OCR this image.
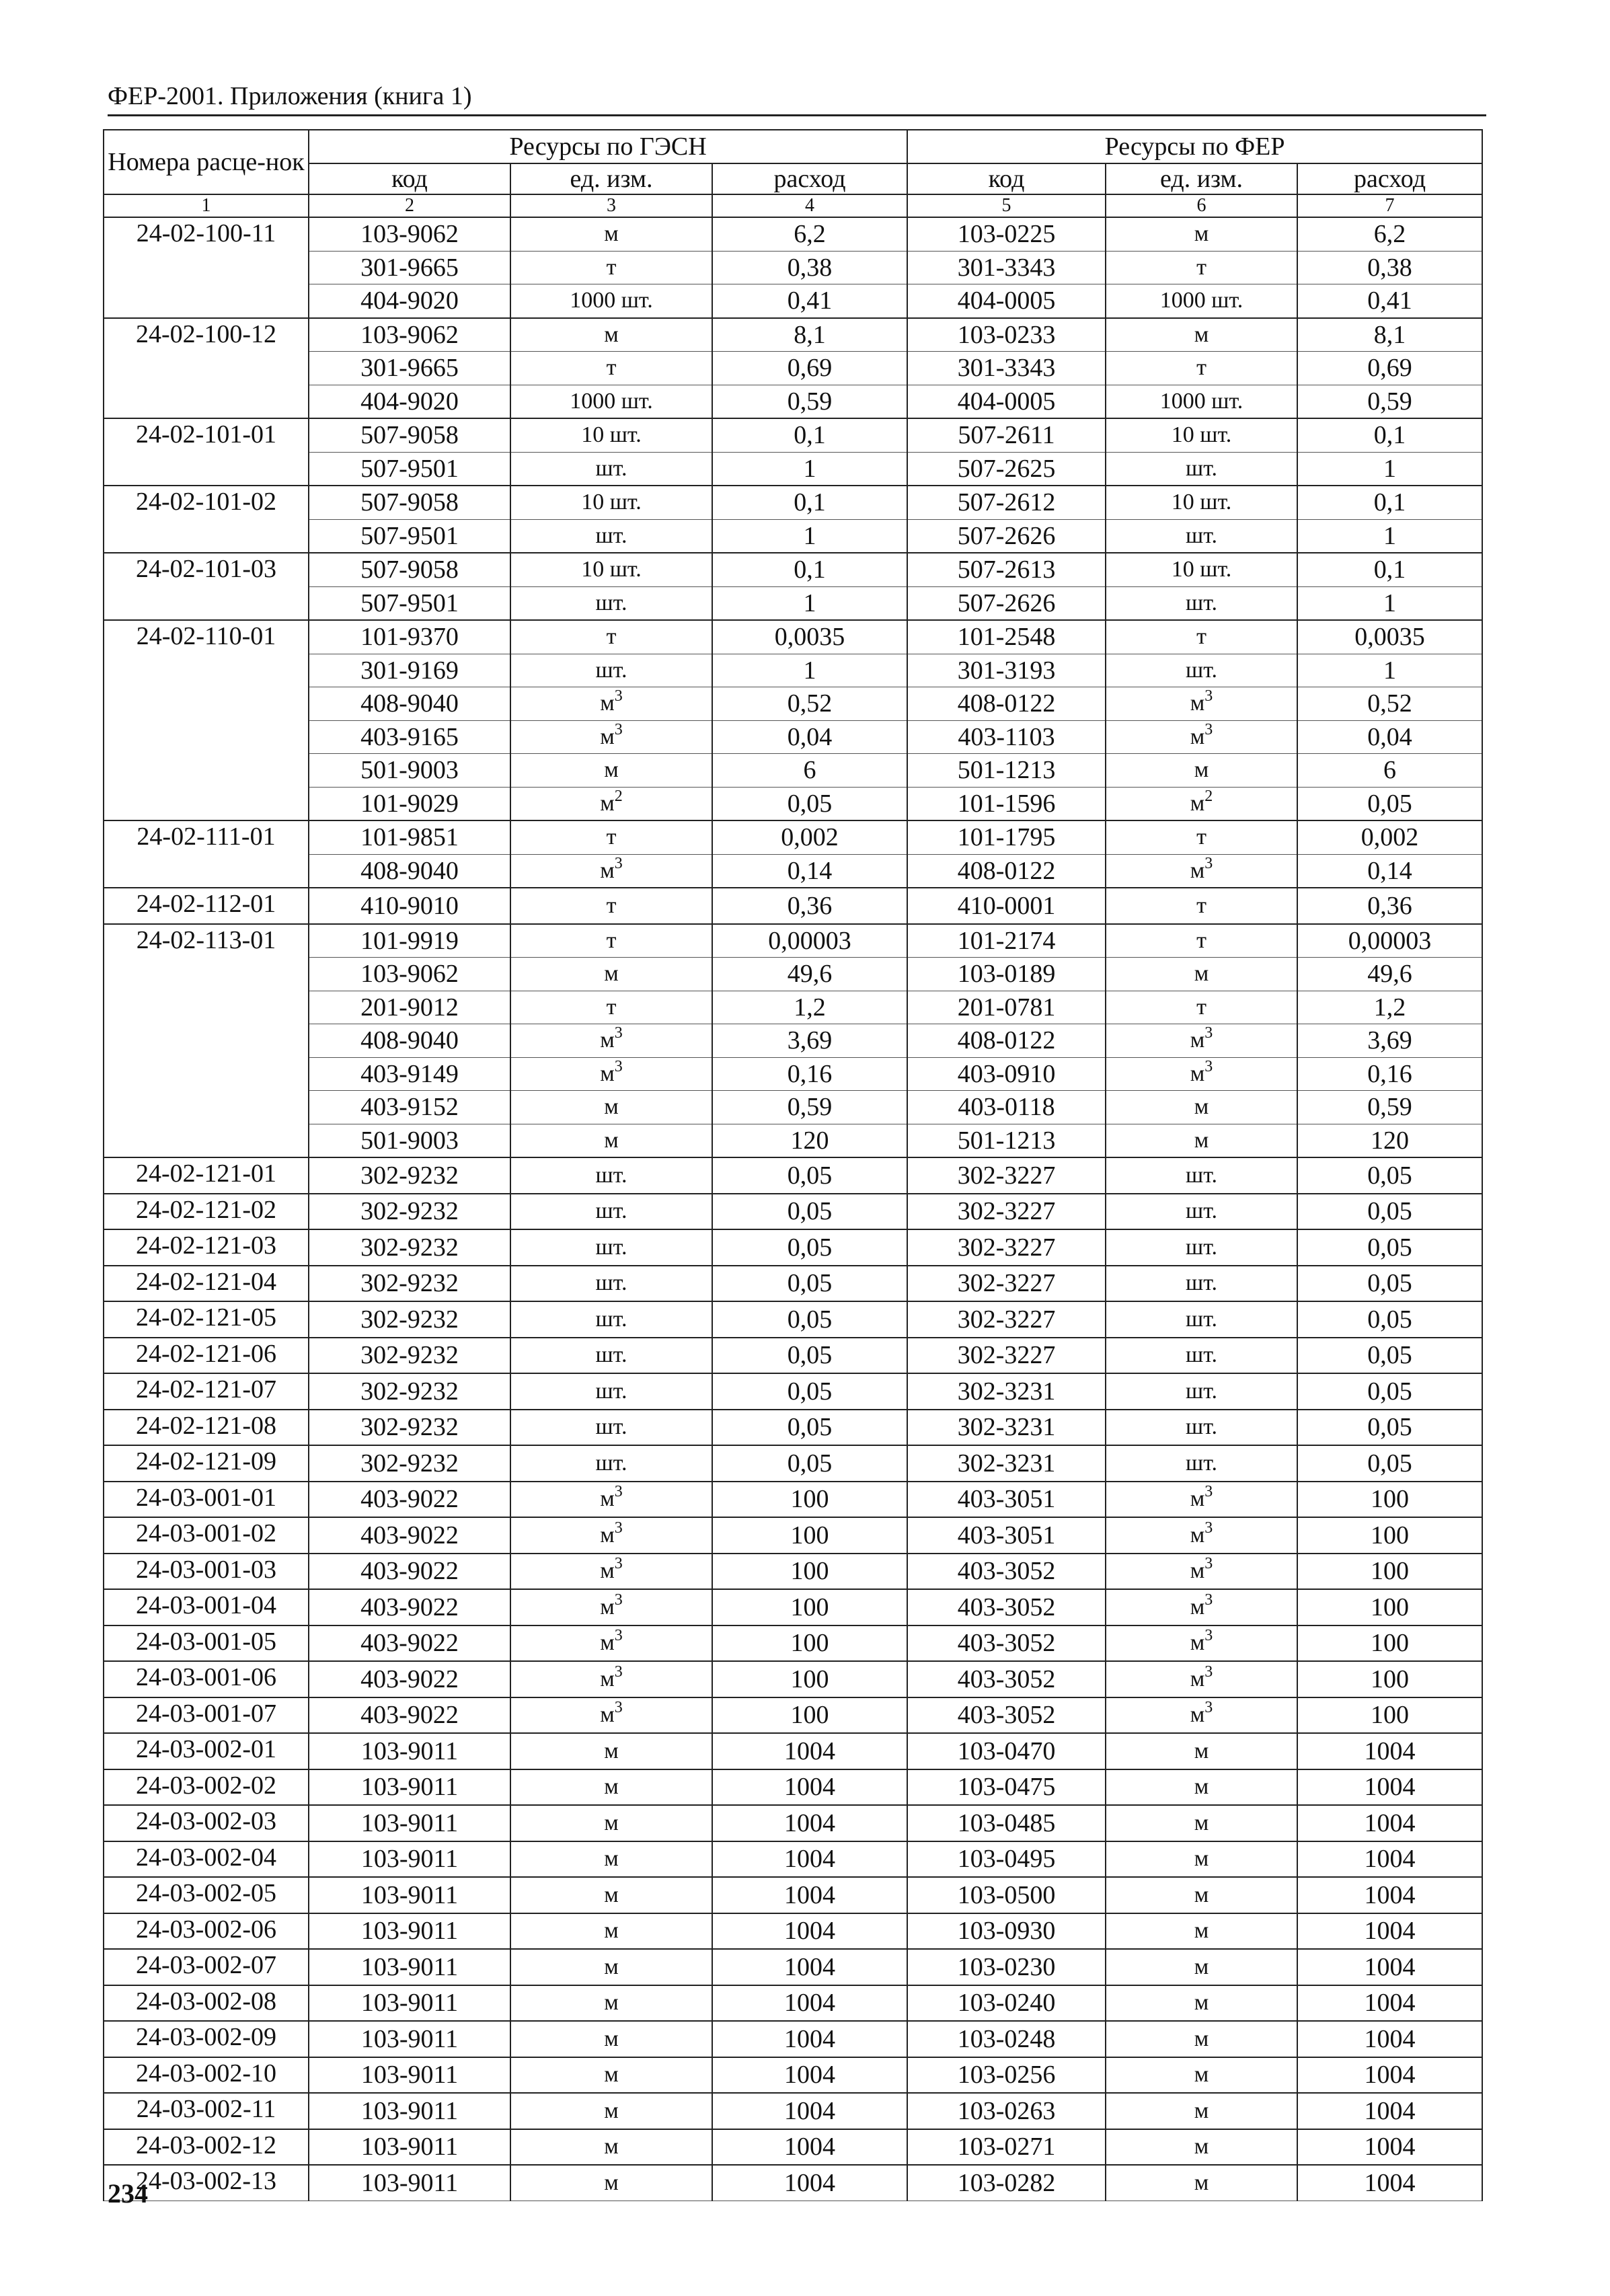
ФЕР-2001. Приложения (книга 1)
Номера расце-нок	Ресурсы по ГЭСН			Ресурсы по ФЕР		
	код	ед. изм.	расход	код	ед. изм.	расход
1	2	3	4	5	6	7
24-02-100-11	103-9062	м	6,2	103-0225	м	6,2
	301-9665	т	0,38	301-3343	т	0,38
	404-9020	1000 шт.	0,41	404-0005	1000 шт.	0,41
24-02-100-12	103-9062	м	8,1	103-0233	м	8,1
	301-9665	т	0,69	301-3343	т	0,69
	404-9020	1000 шт.	0,59	404-0005	1000 шт.	0,59
24-02-101-01	507-9058	10 шт.	0,1	507-2611	10 шт.	0,1
	507-9501	шт.	1	507-2625	шт.	1
24-02-101-02	507-9058	10 шт.	0,1	507-2612	10 шт.	0,1
	507-9501	шт.	1	507-2626	шт.	1
24-02-101-03	507-9058	10 шт.	0,1	507-2613	10 шт.	0,1
	507-9501	шт.	1	507-2626	шт.	1
24-02-110-01	101-9370	т	0,0035	101-2548	т	0,0035
	301-9169	шт.	1	301-3193	шт.	1
	408-9040	$м^3$	0,52	408-0122	$м^3$	0,52
	403-9165	$м^3$	0,04	403-1103	$м^3$	0,04
	501-9003	м	6	501-1213	м	6
	101-9029	$м^2$	0,05	101-1596	$м^2$	0,05
24-02-111-01	101-9851	т	0,002	101-1795	т	0,002
	408-9040	$м^3$	0,14	408-0122	$м^3$	0,14
24-02-112-01	410-9010	т	0,36	410-0001	т	0,36
24-02-113-01	101-9919	т	0,00003	101-2174	т	0,00003
	103-9062	м	49,6	103-0189	м	49,6
	201-9012	т	1,2	201-0781	т	1,2
	408-9040	$м^3$	3,69	408-0122	$м^3$	3,69
	403-9149	$м^3$	0,16	403-0910	$м^3$	0,16
	403-9152	м	0,59	403-0118	м	0,59
	501-9003	м	120	501-1213	м	120
24-02-121-01	302-9232	шт.	0,05	302-3227	шт.	0,05
24-02-121-02	302-9232	шт.	0,05	302-3227	шт.	0,05
24-02-121-03	302-9232	шт.	0,05	302-3227	шт.	0,05
24-02-121-04	302-9232	шт.	0,05	302-3227	шт.	0,05
24-02-121-05	302-9232	шт.	0,05	302-3227	шт.	0,05
24-02-121-06	302-9232	шт.	0,05	302-3227	шт.	0,05
24-02-121-07	302-9232	шт.	0,05	302-3231	шт.	0,05
24-02-121-08	302-9232	шт.	0,05	302-3231	шт.	0,05
24-02-121-09	302-9232	шт.	0,05	302-3231	шт.	0,05
24-03-001-01	403-9022	$м^3$	100	403-3051	$м^3$	100
24-03-001-02	403-9022	$м^3$	100	403-3051	$м^3$	100
24-03-001-03	403-9022	$м^3$	100	403-3052	$м^3$	100
24-03-001-04	403-9022	$м^3$	100	403-3052	$м^3$	100
24-03-001-05	403-9022	$м^3$	100	403-3052	$м^3$	100
24-03-001-06	403-9022	$м^3$	100	403-3052	$м^3$	100
24-03-001-07	403-9022	$м^3$	100	403-3052	$м^3$	100
24-03-002-01	103-9011	м	1004	103-0470	м	1004
24-03-002-02	103-9011	м	1004	103-0475	м	1004
24-03-002-03	103-9011	м	1004	103-0485	м	1004
24-03-002-04	103-9011	м	1004	103-0495	м	1004
24-03-002-05	103-9011	м	1004	103-0500	м	1004
24-03-002-06	103-9011	м	1004	103-0930	м	1004
24-03-002-07	103-9011	м	1004	103-0230	м	1004
24-03-002-08	103-9011	м	1004	103-0240	м	1004
24-03-002-09	103-9011	м	1004	103-0248	м	1004
24-03-002-10	103-9011	м	1004	103-0256	м	1004
24-03-002-11	103-9011	м	1004	103-0263	м	1004
24-03-002-12	103-9011	м	1004	103-0271	м	1004
24-03-002-13	103-9011	м	1004	103-0282	м	1004
234
